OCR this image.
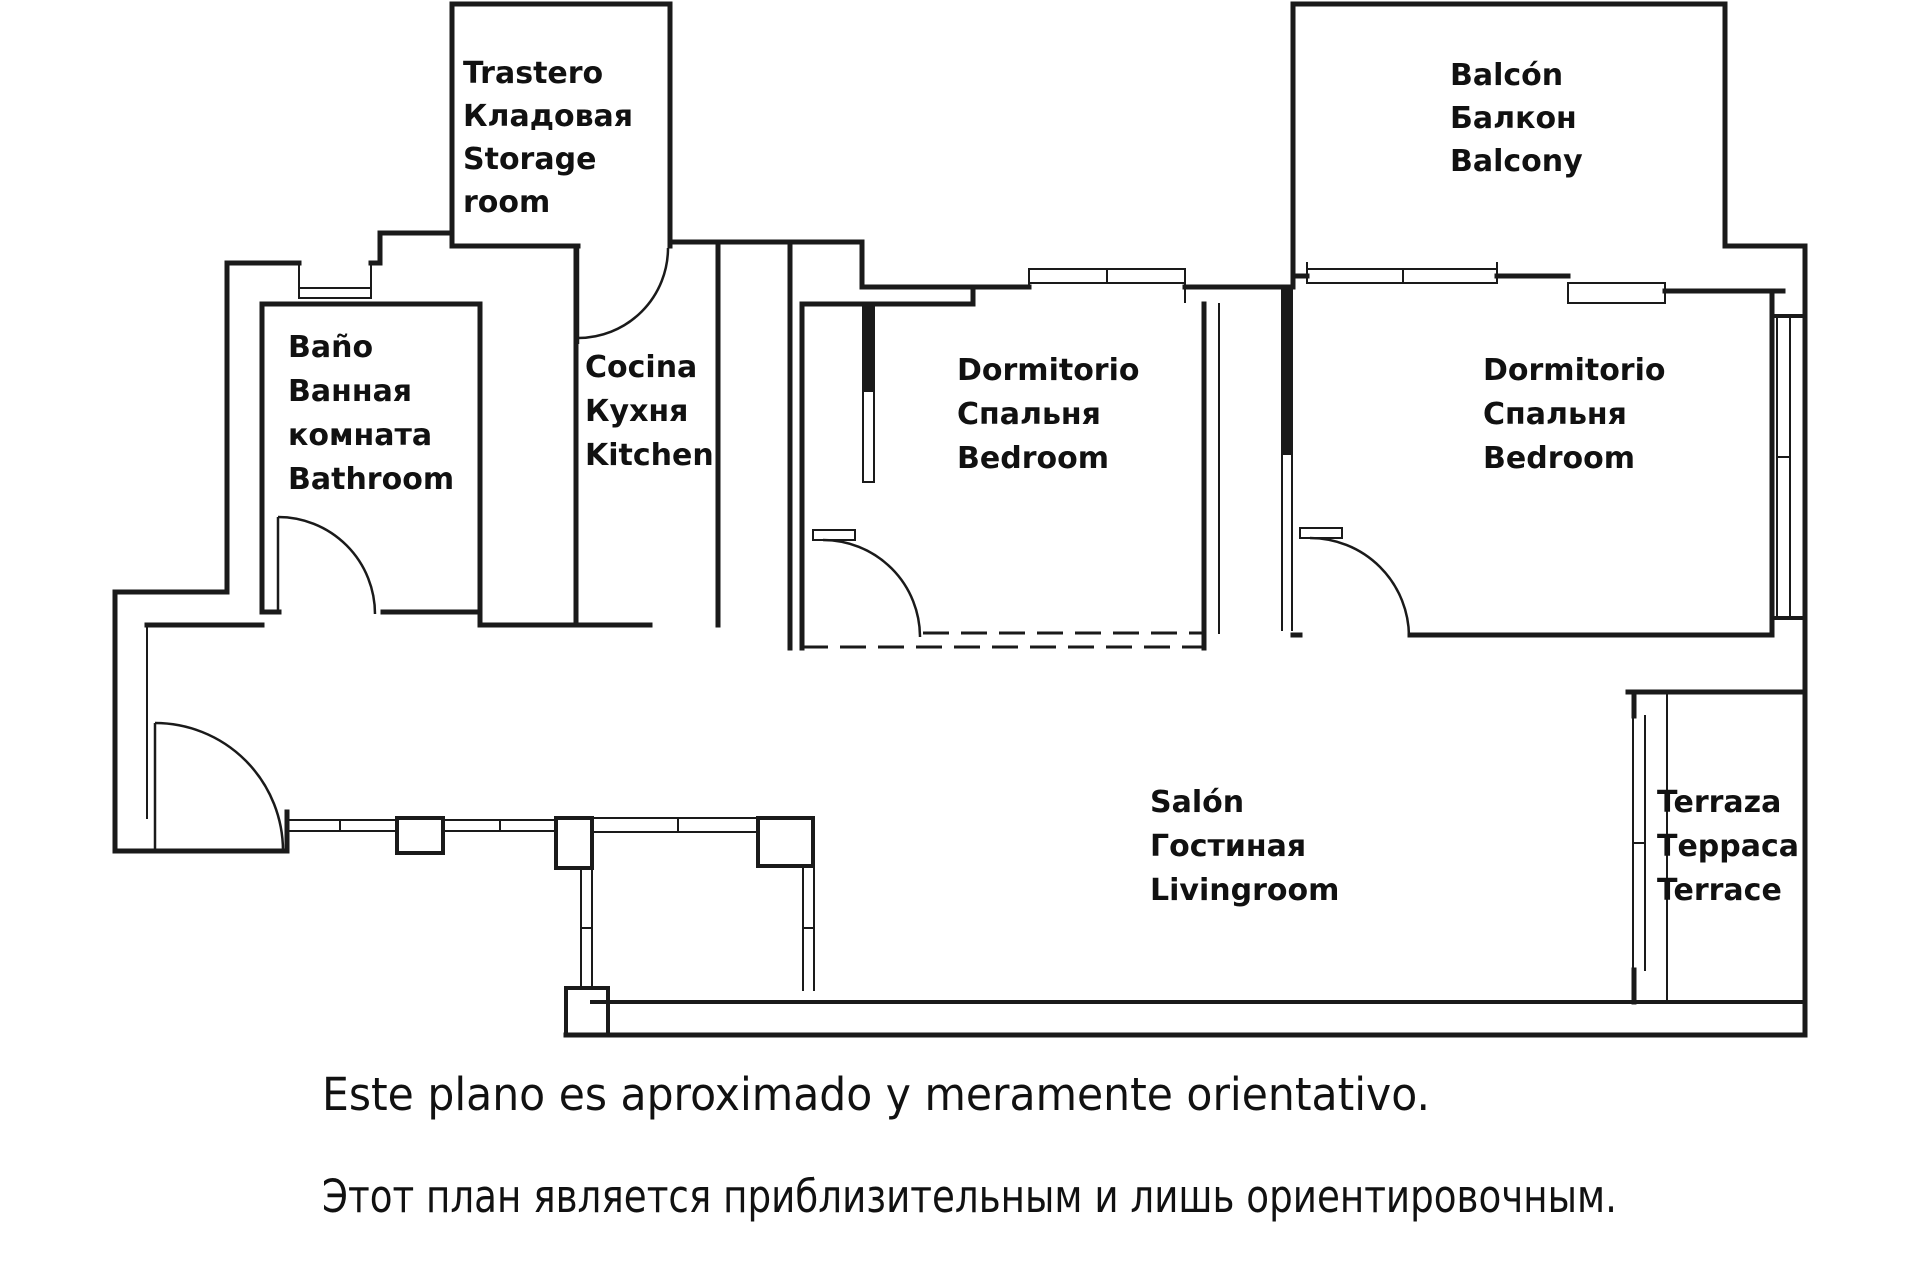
Trastero
Кладовая
Storage
room
Balcón
Балкон
Balcony
Baño
Ванная
комната
Bathroom
Cocina
Кухня
Kitchen
Dormitorio
Спальня
Bedroom
Dormitorio
Спальня
Bedroom
Salón
Гостиная
Livingroom
Terraza
Терраса
Terrace
Este plano es aproximado y meramente orientativo.
Этот план является приблизительным и лишь ориентировочным.
